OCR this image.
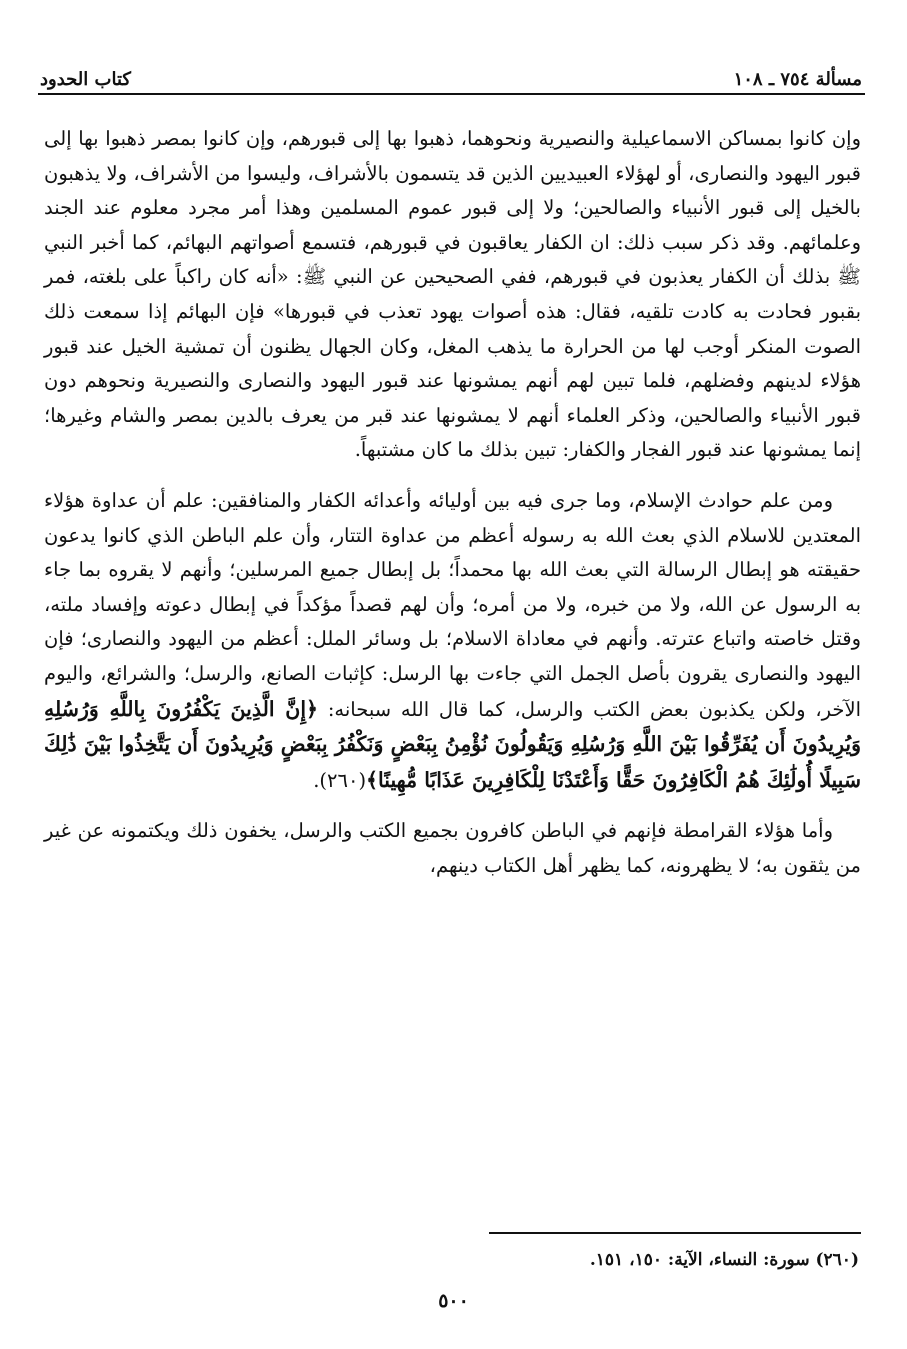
مسألة ٧٥٤ ـ ١٠٨
كتاب الحدود

وإن كانوا بمساكن الاسماعيلية والنصيرية ونحوهما، ذهبوا بها إلى قبورهم، وإن كانوا بمصر ذهبوا بها إلى قبور اليهود والنصارى، أو لهؤلاء العبيديين الذين قد يتسمون بالأشراف، وليسوا من الأشراف، ولا يذهبون بالخيل إلى قبور الأنبياء والصالحين؛ ولا إلى قبور عموم المسلمين وهذا أمر مجرد معلوم عند الجند وعلمائهم. وقد ذكر سبب ذلك: ان الكفار يعاقبون في قبورهم، فتسمع أصواتهم البهائم، كما أخبر النبي ﷺ بذلك أن الكفار يعذبون في قبورهم، ففي الصحيحين عن النبي ﷺ: «أنه كان راكباً على بلغته، فمر بقبور فحادت به كادت تلقيه، فقال: هذه أصوات يهود تعذب في قبورها» فإن البهائم إذا سمعت ذلك الصوت المنكر أوجب لها من الحرارة ما يذهب المغل، وكان الجهال يظنون أن تمشية الخيل عند قبور هؤلاء لدينهم وفضلهم، فلما تبين لهم أنهم يمشونها عند قبور اليهود والنصارى والنصيرية ونحوهم دون قبور الأنبياء والصالحين، وذكر العلماء أنهم لا يمشونها عند قبر من يعرف بالدين بمصر والشام وغيرها؛ إنما يمشونها عند قبور الفجار والكفار: تبين بذلك ما كان مشتبهاً.

ومن علم حوادث الإسلام، وما جرى فيه بين أوليائه وأعدائه الكفار والمنافقين: علم أن عداوة هؤلاء المعتدين للاسلام الذي بعث الله به رسوله أعظم من عداوة التتار، وأن علم الباطن الذي كانوا يدعون حقيقته هو إبطال الرسالة التي بعث الله بها محمداً؛ بل إبطال جميع المرسلين؛ وأنهم لا يقروه بما جاء به الرسول عن الله، ولا من خبره، ولا من أمره؛ وأن لهم قصداً مؤكداً في إبطال دعوته وإفساد ملته، وقتل خاصته واتباع عترته. وأنهم في معاداة الاسلام؛ بل وسائر الملل: أعظم من اليهود والنصارى؛ فإن اليهود والنصارى يقرون بأصل الجمل التي جاءت بها الرسل: كإثبات الصانع، والرسل؛ والشرائع، واليوم الآخر، ولكن يكذبون بعض الكتب والرسل، كما قال الله سبحانه: ﴿إِنَّ الَّذِينَ يَكْفُرُونَ بِاللَّهِ وَرُسُلِهِ وَيُرِيدُونَ أَن يُفَرِّقُوا بَيْنَ اللَّهِ وَرُسُلِهِ وَيَقُولُونَ نُؤْمِنُ بِبَعْضٍ وَنَكْفُرُ بِبَعْضٍ وَيُرِيدُونَ أَن يَتَّخِذُوا بَيْنَ ذَٰلِكَ سَبِيلًا أُولَٰئِكَ هُمُ الْكَافِرُونَ حَقًّا وَأَعْتَدْنَا لِلْكَافِرِينَ عَذَابًا مُّهِينًا﴾(٢٦٠).

وأما هؤلاء القرامطة فإنهم في الباطن كافرون بجميع الكتب والرسل، يخفون ذلك ويكتمونه عن غير من يثقون به؛ لا يظهرونه، كما يظهر أهل الكتاب دينهم،

(٢٦٠) سورة: النساء، الآية: ١٥٠، ١٥١.
٥٠٠
